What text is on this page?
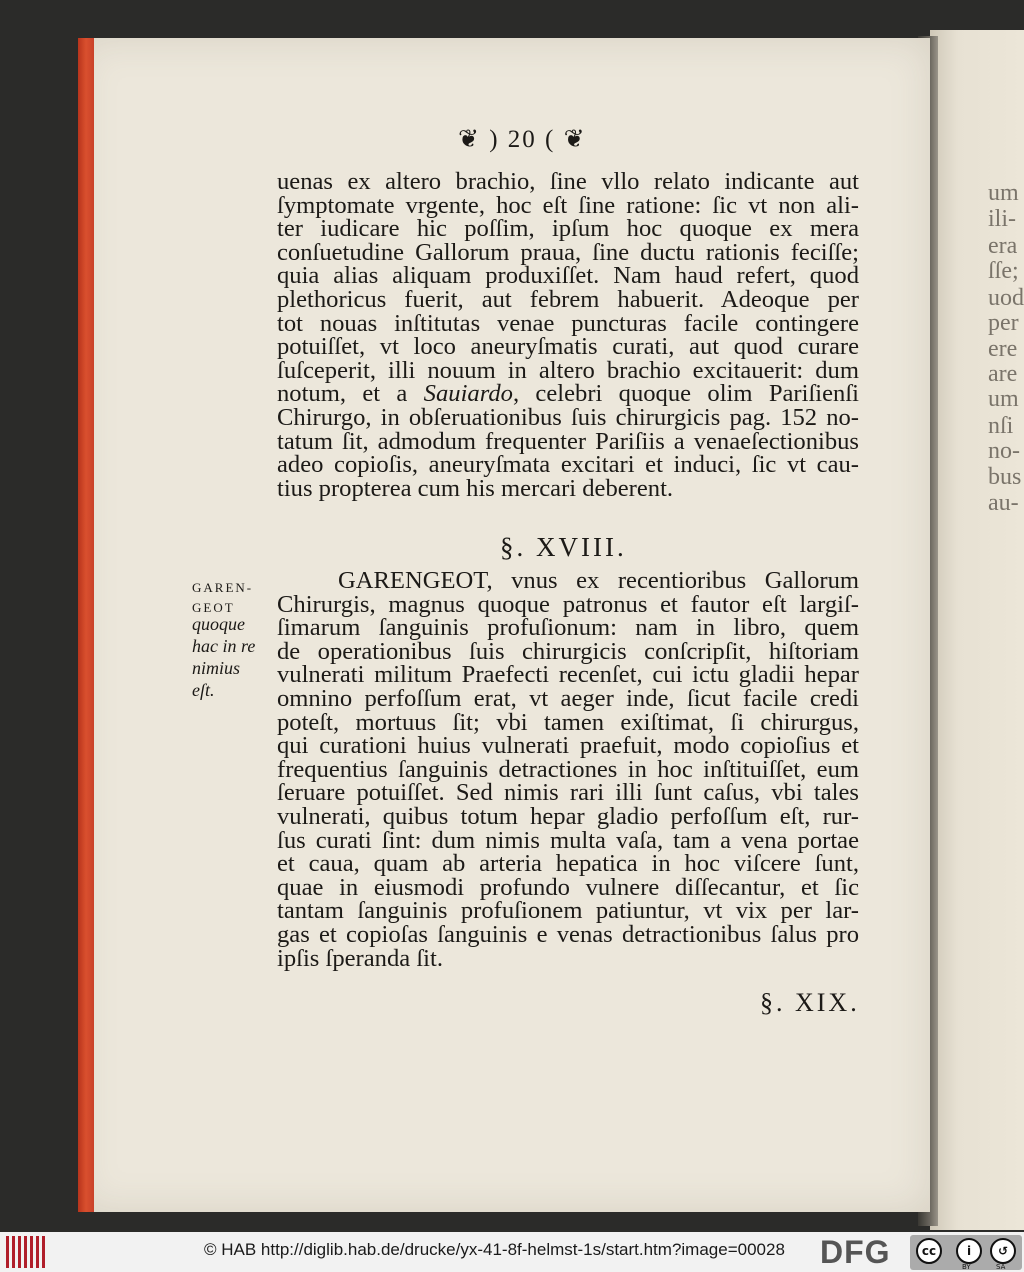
um
ili-
era
ſſe;
uod
per
ere
are
um
nſi
no-
bus
au-
❦ ) 20 ( ❦
uenas ex altero brachio, ſine vllo relato indicante aut
ſymptomate vrgente, hoc eſt ſine ratione: ſic vt non ali-
ter iudicare hic poſſim, ipſum hoc quoque ex mera
conſuetudine Gallorum praua, ſine ductu rationis feciſſe;
quia alias aliquam produxiſſet. Nam haud refert, quod
plethoricus fuerit, aut febrem habuerit. Adeoque per
tot nouas inſtitutas venae puncturas facile contingere
potuiſſet, vt loco aneuryſmatis curati, aut quod curare
ſuſceperit, illi nouum in altero brachio excitauerit: dum
notum, et a Sauiardo, celebri quoque olim Pariſienſi
Chirurgo, in obſeruationibus ſuis chirurgicis pag. 152 no-
tatum ſit, admodum frequenter Pariſiis a venaeſectionibus
adeo copioſis, aneuryſmata excitari et induci, ſic vt cau-
tius propterea cum his mercari deberent.
§. XVIII.
GARENGEOT, vnus ex recentioribus Gallorum
Chirurgis, magnus quoque patronus et fautor eſt largiſ-
ſimarum ſanguinis profuſionum: nam in libro, quem
de operationibus ſuis chirurgicis conſcripſit, hiſtoriam
vulnerati militum Praefecti recenſet, cui ictu gladii hepar
omnino perfoſſum erat, vt aeger inde, ſicut facile credi
poteſt, mortuus ſit; vbi tamen exiſtimat, ſi chirurgus,
qui curationi huius vulnerati praefuit, modo copioſius et
frequentius ſanguinis detractiones in hoc inſtituiſſet, eum
ſeruare potuiſſet. Sed nimis rari illi ſunt caſus, vbi tales
vulnerati, quibus totum hepar gladio perfoſſum eſt, rur-
ſus curati ſint: dum nimis multa vaſa, tam a vena portae
et caua, quam ab arteria hepatica in hoc viſcere ſunt,
quae in eiusmodi profundo vulnere diſſecantur, et ſic
tantam ſanguinis profuſionem patiuntur, vt vix per lar-
gas et copioſas ſanguinis e venas detractionibus ſalus pro
ipſis ſperanda ſit.
GAREN-
GEOT
quoque
hac in re
nimius
eſt.
§. XIX.
© HAB http://diglib.hab.de/drucke/yx-41-8f-helmst-1s/start.htm?image=00028 DFG	cc	i	↺
BY	SA
